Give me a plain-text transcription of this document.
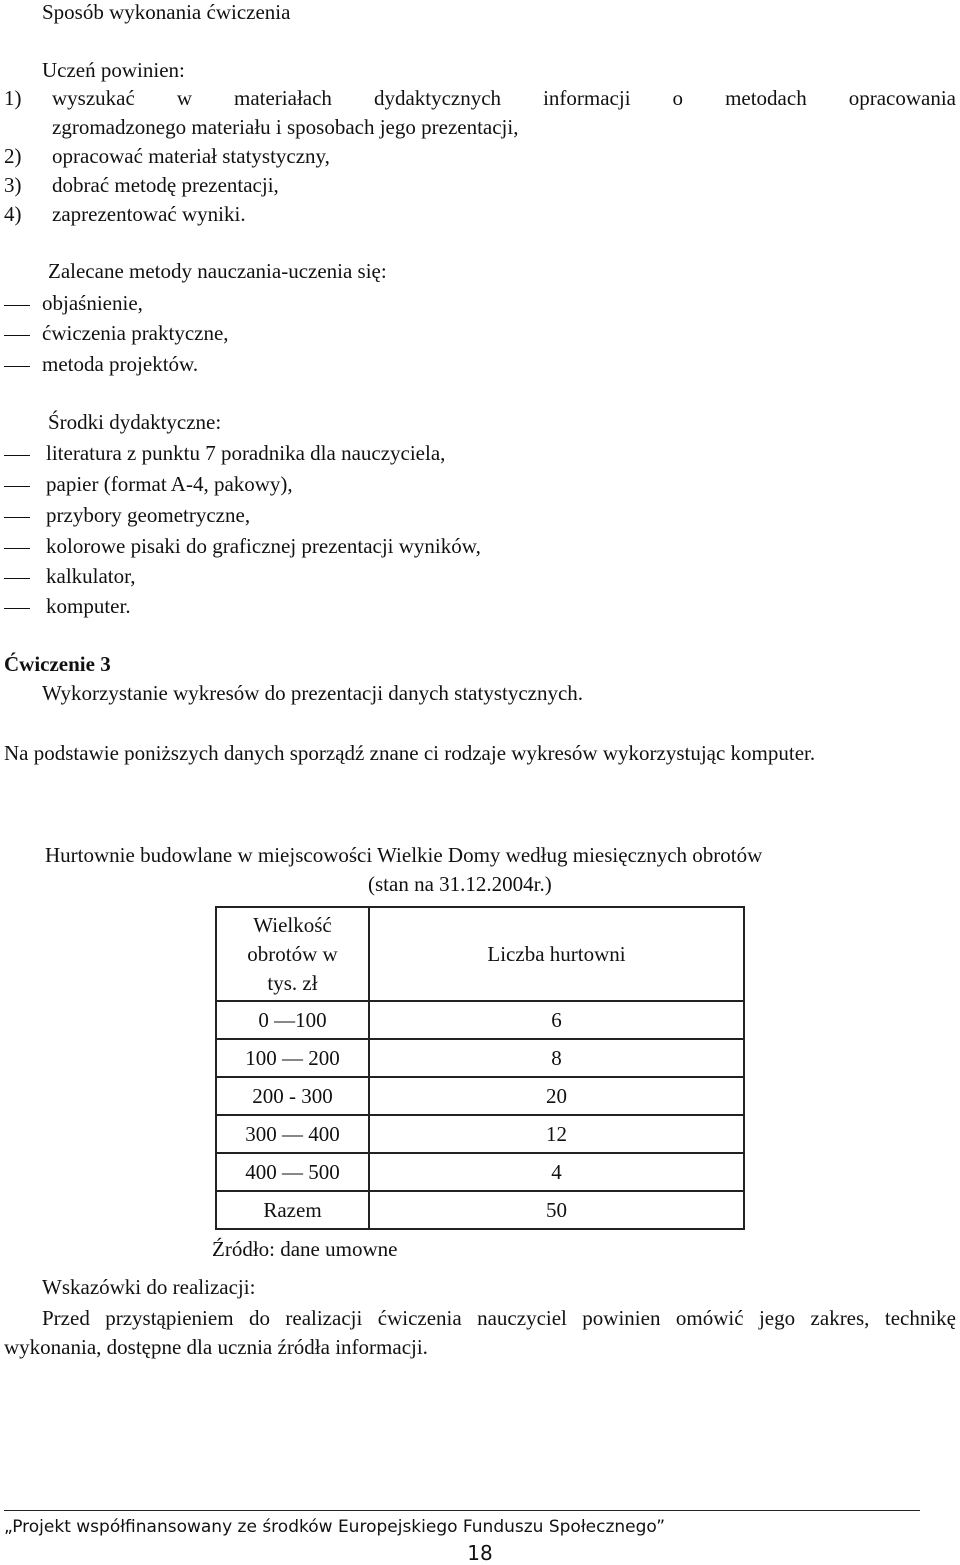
Sposób wykonania ćwiczenia
Uczeń powinien:
1) wyszukać w materiałach dydaktycznych informacji o metodach opracowania
zgromadzonego materiału i sposobach jego prezentacji,
2) opracować materiał statystyczny,
3) dobrać metodę prezentacji,
4) zaprezentować wyniki.
Zalecane metody nauczania-uczenia się:
objaśnienie,
ćwiczenia praktyczne,
metoda projektów.
Środki dydaktyczne:
literatura z punktu 7 poradnika dla nauczyciela,
papier (format A-4, pakowy),
przybory geometryczne,
kolorowe pisaki do graficznej prezentacji wyników,
kalkulator,
komputer.
Ćwiczenie 3
Wykorzystanie wykresów do prezentacji danych statystycznych.
Na podstawie poniższych danych sporządź znane ci rodzaje wykresów wykorzystując komputer.
Hurtownie budowlane w miejscowości Wielkie Domy według miesięcznych obrotów
(stan na 31.12.2004r.)
Wielkość
obrotów w
tys. zł	Liczba hurtowni
0 —100	6
100 — 200	8
200 - 300	20
300 — 400	12
400 — 500	4
Razem	50
Źródło: dane umowne
Wskazówki do realizacji:
Przed przystąpieniem do realizacji ćwiczenia nauczyciel powinien omówić jego zakres, technikę wykonania, dostępne dla ucznia źródła informacji.
„Projekt współfinansowany ze środków Europejskiego Funduszu Społecznego”
18
